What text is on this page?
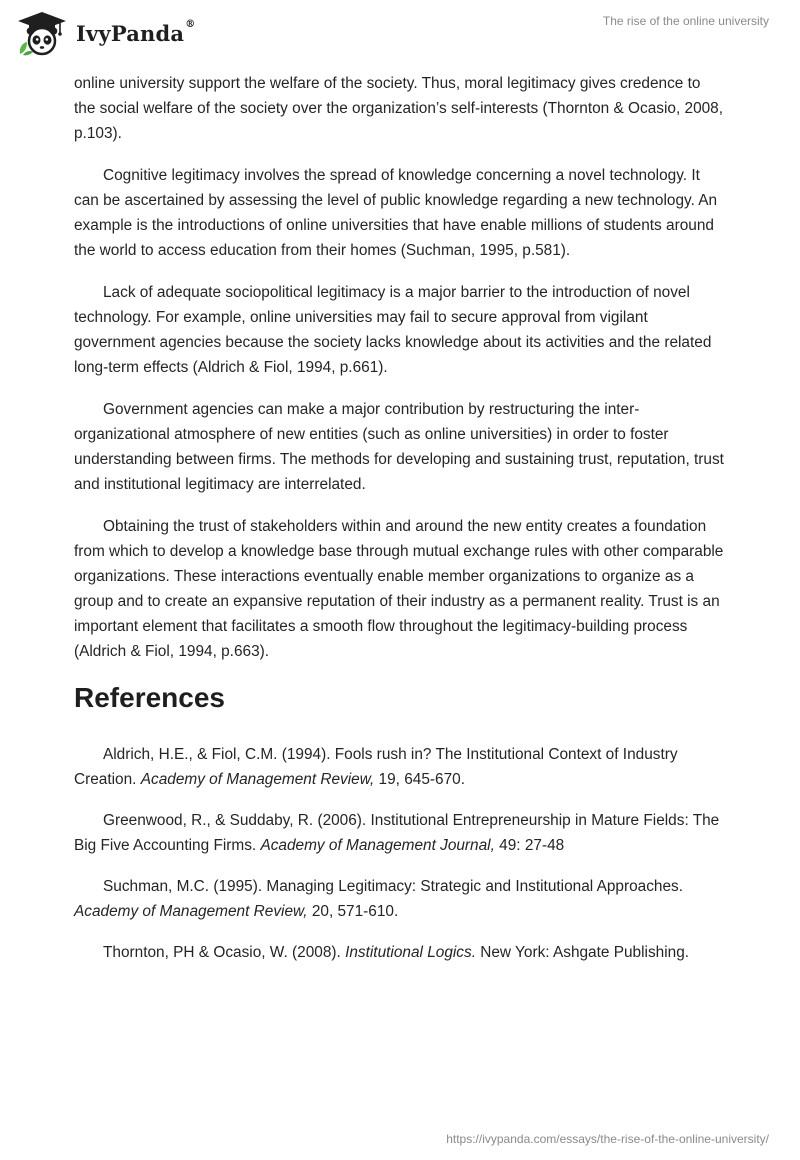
IvyPanda ®	The rise of the online university

online university support the welfare of the society. Thus, moral legitimacy gives credence to the social welfare of the society over the organization’s self-interests (Thornton & Ocasio, 2008, p.103).

Cognitive legitimacy involves the spread of knowledge concerning a novel technology. It can be ascertained by assessing the level of public knowledge regarding a new technology. An example is the introductions of online universities that have enable millions of students around the world to access education from their homes (Suchman, 1995, p.581).

Lack of adequate sociopolitical legitimacy is a major barrier to the introduction of novel technology. For example, online universities may fail to secure approval from vigilant government agencies because the society lacks knowledge about its activities and the related long-term effects (Aldrich & Fiol, 1994, p.661).

Government agencies can make a major contribution by restructuring the inter-organizational atmosphere of new entities (such as online universities) in order to foster understanding between firms. The methods for developing and sustaining trust, reputation, trust and institutional legitimacy are interrelated.

Obtaining the trust of stakeholders within and around the new entity creates a foundation from which to develop a knowledge base through mutual exchange rules with other comparable organizations. These interactions eventually enable member organizations to organize as a group and to create an expansive reputation of their industry as a permanent reality. Trust is an important element that facilitates a smooth flow throughout the legitimacy-building process (Aldrich & Fiol, 1994, p.663).

References

Aldrich, H.E., & Fiol, C.M. (1994). Fools rush in? The Institutional Context of Industry Creation. Academy of Management Review, 19, 645-670.

Greenwood, R., & Suddaby, R. (2006). Institutional Entrepreneurship in Mature Fields: The Big Five Accounting Firms. Academy of Management Journal, 49: 27-48

Suchman, M.C. (1995). Managing Legitimacy: Strategic and Institutional Approaches. Academy of Management Review, 20, 571-610.

Thornton, PH & Ocasio, W. (2008). Institutional Logics. New York: Ashgate Publishing.

https://ivypanda.com/essays/the-rise-of-the-online-university/
